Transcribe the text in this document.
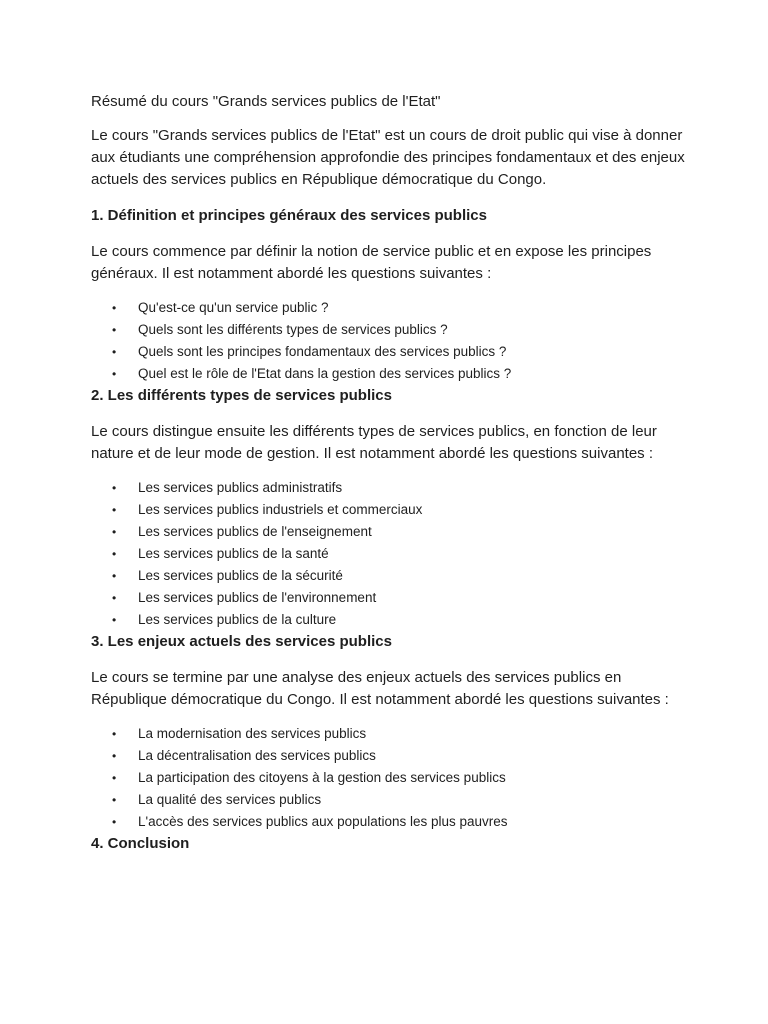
Résumé du cours "Grands services publics de l'Etat"

Le cours "Grands services publics de l'Etat" est un cours de droit public qui vise à donner aux étudiants une compréhension approfondie des principes fondamentaux et des enjeux actuels des services publics en République démocratique du Congo.

1. Définition et principes généraux des services publics

Le cours commence par définir la notion de service public et en expose les principes généraux. Il est notamment abordé les questions suivantes :

• Qu'est-ce qu'un service public ?
• Quels sont les différents types de services publics ?
• Quels sont les principes fondamentaux des services publics ?
• Quel est le rôle de l'Etat dans la gestion des services publics ?

2. Les différents types de services publics

Le cours distingue ensuite les différents types de services publics, en fonction de leur nature et de leur mode de gestion. Il est notamment abordé les questions suivantes :

• Les services publics administratifs
• Les services publics industriels et commerciaux
• Les services publics de l'enseignement
• Les services publics de la santé
• Les services publics de la sécurité
• Les services publics de l'environnement
• Les services publics de la culture

3. Les enjeux actuels des services publics

Le cours se termine par une analyse des enjeux actuels des services publics en République démocratique du Congo. Il est notamment abordé les questions suivantes :

• La modernisation des services publics
• La décentralisation des services publics
• La participation des citoyens à la gestion des services publics
• La qualité des services publics
• L'accès des services publics aux populations les plus pauvres

4. Conclusion
